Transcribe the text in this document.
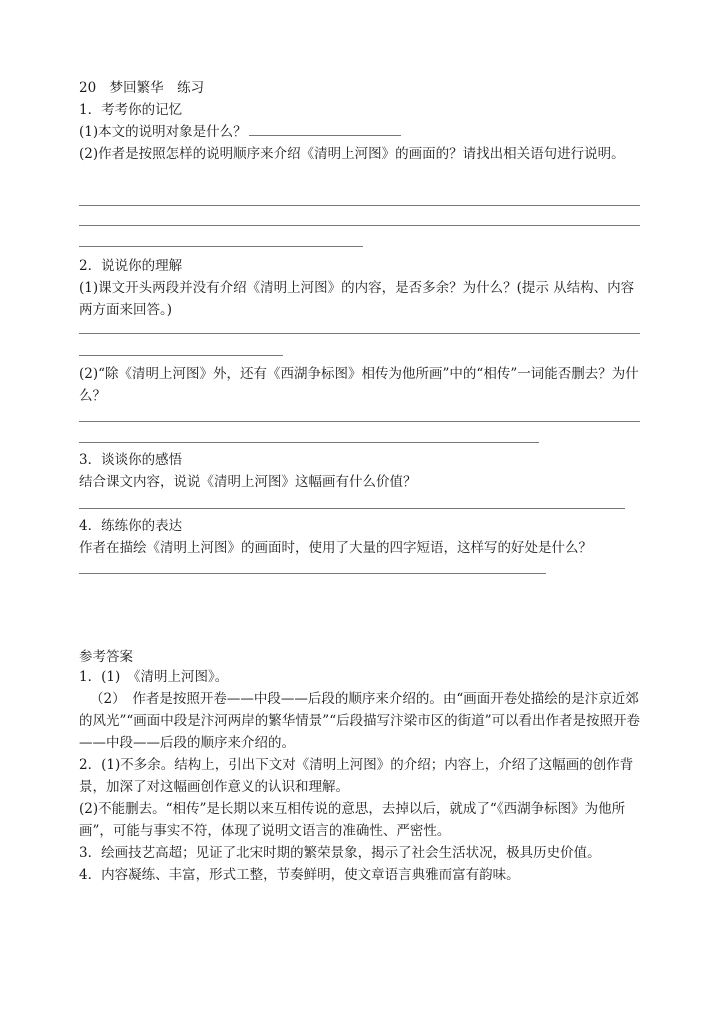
20　梦回繁华　练习
1．考考你的记忆
(1)本文的说明对象是什么？
(2)作者是按照怎样的说明顺序来介绍《清明上河图》的画面的？请找出相关语句进行说明。
2．说说你的理解
(1)课文开头两段并没有介绍《清明上河图》的内容，是否多余？为什么？(提示 从结构、内容两方面来回答。)
(2)“除《清明上河图》外，还有《西湖争标图》相传为他所画”中的“相传”一词能否删去？为什么？
3．谈谈你的感悟
结合课文内容，说说《清明上河图》这幅画有什么价值？
4．练练你的表达
作者在描绘《清明上河图》的画面时，使用了大量的四字短语，这样写的好处是什么？
参考答案
1．(1)　《清明上河图》。
（2）　作者是按照开卷——中段——后段的顺序来介绍的。由“画面开卷处描绘的是汴京近郊的风光”“画面中段是汴河两岸的繁华情景”“后段描写汴梁市区的街道”可以看出作者是按照开卷——中段——后段的顺序来介绍的。
2．(1)不多余。结构上，引出下文对《清明上河图》的介绍；内容上，介绍了这幅画的创作背景，加深了对这幅画创作意义的认识和理解。
(2)不能删去。“相传”是长期以来互相传说的意思，去掉以后，就成了“《西湖争标图》为他所画”，可能与事实不符，体现了说明文语言的准确性、严密性。
3．绘画技艺高超；见证了北宋时期的繁荣景象，揭示了社会生活状况，极具历史价值。
4．内容凝练、丰富，形式工整，节奏鲜明，使文章语言典雅而富有韵味。
